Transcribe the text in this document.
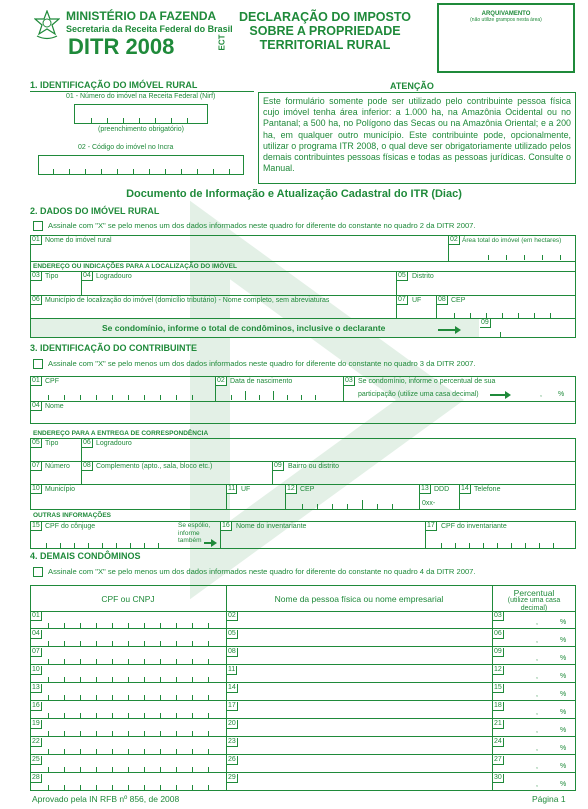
MINISTÉRIO DA FAZENDA
Secretaria da Receita Federal do Brasil
DITR 2008	ECT
DECLARAÇÃO DO IMPOSTO
SOBRE A PROPRIEDADE
TERRITORIAL RURAL
ARQUIVAMENTO
(não utilize grampos nesta área)
1. IDENTIFICAÇÃO DO IMÓVEL RURAL
01 - Número do imóvel na Receita Federal (Nirf)
(preenchimento obrigatório)
02 - Código do imóvel no Incra
ATENÇÃO
Este formulário somente pode ser utilizado pelo contribuinte pessoa física cujo imóvel tenha área inferior: a 1.000 ha, na Amazônia Ocidental ou no Pantanal; a 500 ha, no Polígono das Secas ou na Amazônia Oriental; e a 200 ha, em qualquer outro município. Este contribuinte pode, opcionalmente, utilizar o programa ITR 2008, o qual deve ser obrigatoriamente utilizado pelos demais contribuintes pessoas físicas e todas as pessoas jurídicas. Consulte o Manual.
Documento de Informação e Atualização Cadastral do ITR (Diac)
2. DADOS DO IMÓVEL RURAL
Assinale com "X" se pelo menos um dos dados informados neste quadro for diferente do constante no quadro 2 da DITR 2007.
01 Nome do imóvel rural	02 Área total do imóvel (em hectares)
ENDEREÇO OU INDICAÇÕES PARA A LOCALIZAÇÃO DO IMÓVEL
03 Tipo	04 Logradouro	05 Distrito
06 Município de localização do imóvel (domicílio tributário) - Nome completo, sem abreviaturas	07 UF 08 CEP
Se condomínio, informe o total de condôminos, inclusive o declarante
09
3. IDENTIFICAÇÃO DO CONTRIBUINTE
Assinale com "X" se pelo menos um dos dados informados neste quadro for diferente do constante no quadro 3 da DITR 2007.
01 CPF	02 Data de nascimento	03 Se condomínio, informe o percentual de sua
participação (utilize uma casa decimal)	, %
04 Nome
ENDEREÇO PARA A ENTREGA DE CORRESPONDÊNCIA
05 Tipo	06 Logradouro
07 Número 08 Complemento (apto., sala, bloco etc.)	09 Bairro ou distrito
10 Município	11 UF	12 CEP	13 DDD
0xx-
14 Telefone
OUTRAS INFORMAÇÕES
15 CPF do cônjuge	Se espólio, informe também
16 Nome do inventariante	17 CPF do inventariante
4. DEMAIS CONDÔMINOS
Assinale com "X" se pelo menos um dos dados informados neste quadro for diferente do constante no quadro 4 da DITR 2007.
CPF ou CNPJ	Nome da pessoa física ou nome empresarial
Percentual
(utilize uma casa decimal)
01	02	03
,	%
04	05	06
,	%
07	08	09
,	%
10	11	12
,	%
13	14	15
,	%
16	17	18
,	%
19	20	21
,	%
22	23	24
,	%
25	26	27
,	%
28	29	30
,	%
Aprovado pela IN RFB nº 856, de 2008	Página 1
